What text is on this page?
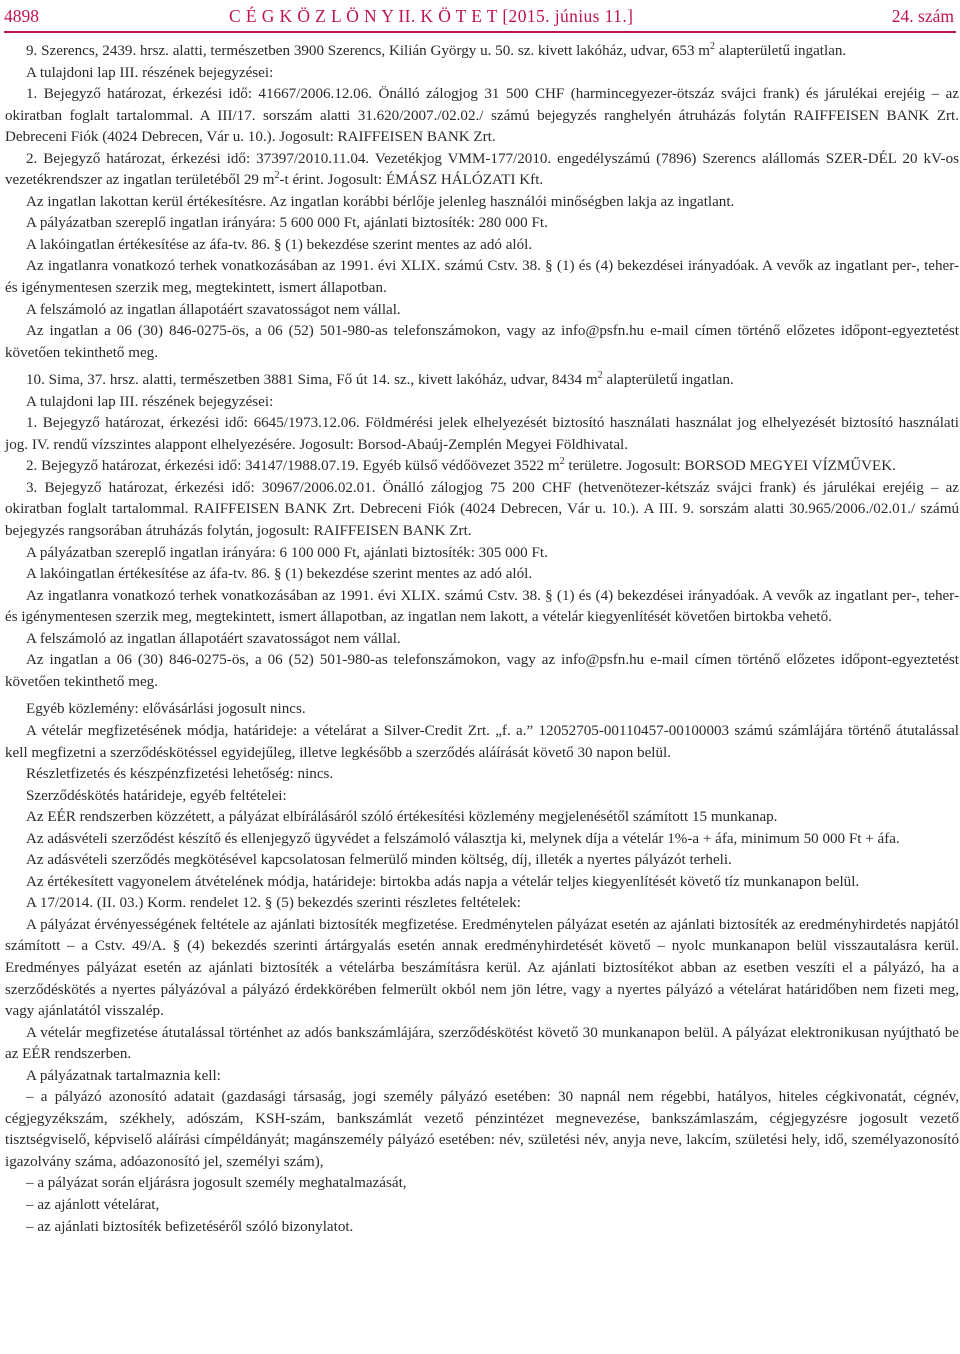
4898	C É G K Ö Z L Ö N Y II. K Ö T E T [2015. június 11.]	24. szám

9. Szerencs, 2439. hrsz. alatti, természetben 3900 Szerencs, Kilián György u. 50. sz. kivett lakóház, udvar, 653 $m^2$ alapterületű ingatlan.

A tulajdoni lap III. részének bejegyzései:

1. Bejegyző határozat, érkezési idő: 41667/2006.12.06. Önálló zálogjog 31 500 CHF (harmincegyezer-ötszáz svájci frank) és járulékai erejéig – az okiratban foglalt tartalommal. A III/17. sorszám alatti 31.620/2007./02.02./ számú bejegyzés ranghelyén átruházás folytán RAIFFEISEN BANK Zrt. Debreceni Fiók (4024 Debrecen, Vár u. 10.). Jogosult: RAIFFEISEN BANK Zrt.

2. Bejegyző határozat, érkezési idő: 37397/2010.11.04. Vezetékjog VMM-177/2010. engedélyszámú (7896) Szerencs alállomás SZER-DÉL 20 kV-os vezetékrendszer az ingatlan területéből 29 $m^2-t$ érint. Jogosult: ÉMÁSZ HÁLÓZATI Kft.

Az ingatlan lakottan kerül értékesítésre. Az ingatlan korábbi bérlője jelenleg használói minőségben lakja az ingatlant.

A pályázatban szereplő ingatlan irányára: 5 600 000 Ft, ajánlati biztosíték: 280 000 Ft.

A lakóingatlan értékesítése az áfa-tv. 86. § (1) bekezdése szerint mentes az adó alól.

Az ingatlanra vonatkozó terhek vonatkozásában az 1991. évi XLIX. számú Cstv. 38. § (1) és (4) bekezdései irányadóak. A vevők az ingatlant per-, teher- és igénymentesen szerzik meg, megtekintett, ismert állapotban.

A felszámoló az ingatlan állapotáért szavatosságot nem vállal.

Az ingatlan a 06 (30) 846-0275-ös, a 06 (52) 501-980-as telefonszámokon, vagy az info@psfn.hu e-mail címen történő előzetes időpont-egyeztetést követően tekinthető meg.

10. Sima, 37. hrsz. alatti, természetben 3881 Sima, Fő út 14. sz., kivett lakóház, udvar, 8434 $m^2$ alapterületű ingatlan.

A tulajdoni lap III. részének bejegyzései:

1. Bejegyző határozat, érkezési idő: 6645/1973.12.06. Földmérési jelek elhelyezését biztosító használati használat jog elhelyezését biztosító használati jog. IV. rendű vízszintes alappont elhelyezésére. Jogosult: Borsod-Abaúj-Zemplén Megyei Földhivatal.

2. Bejegyző határozat, érkezési idő: 34147/1988.07.19. Egyéb külső védőövezet 3522 $m^2$ területre. Jogosult: BORSOD MEGYEI VÍZMŰVEK.

3. Bejegyző határozat, érkezési idő: 30967/2006.02.01. Önálló zálogjog 75 200 CHF (hetvenötezer-kétszáz svájci frank) és járulékai erejéig – az okiratban foglalt tartalommal. RAIFFEISEN BANK Zrt. Debreceni Fiók (4024 Debrecen, Vár u. 10.). A III. 9. sorszám alatti 30.965/2006./02.01./ számú bejegyzés rangsorában átruházás folytán, jogosult: RAIFFEISEN BANK Zrt.

A pályázatban szereplő ingatlan irányára: 6 100 000 Ft, ajánlati biztosíték: 305 000 Ft.

A lakóingatlan értékesítése az áfa-tv. 86. § (1) bekezdése szerint mentes az adó alól.

Az ingatlanra vonatkozó terhek vonatkozásában az 1991. évi XLIX. számú Cstv. 38. § (1) és (4) bekezdései irányadóak. A vevők az ingatlant per-, teher- és igénymentesen szerzik meg, megtekintett, ismert állapotban, az ingatlan nem lakott, a vételár kiegyenlítését követően birtokba vehető.

A felszámoló az ingatlan állapotáért szavatosságot nem vállal.

Az ingatlan a 06 (30) 846-0275-ös, a 06 (52) 501-980-as telefonszámokon, vagy az info@psfn.hu e-mail címen történő előzetes időpont-egyeztetést követően tekinthető meg.

Egyéb közlemény: elővásárlási jogosult nincs.

A vételár megfizetésének módja, határideje: a vételárat a Silver-Credit Zrt. „f. a.” 12052705-00110457-00100003 számú számlájára történő átutalással kell megfizetni a szerződéskötéssel egyidejűleg, illetve legkésőbb a szerződés aláírását követő 30 napon belül.

Részletfizetés és készpénzfizetési lehetőség: nincs.

Szerződéskötés határideje, egyéb feltételei:

Az EÉR rendszerben közzétett, a pályázat elbírálásáról szóló értékesítési közlemény megjelenésétől számított 15 munkanap.

Az adásvételi szerződést készítő és ellenjegyző ügyvédet a felszámoló választja ki, melynek díja a vételár 1%-a + áfa, minimum 50 000 Ft + áfa.

Az adásvételi szerződés megkötésével kapcsolatosan felmerülő minden költség, díj, illeték a nyertes pályázót terheli.

Az értékesített vagyonelem átvételének módja, határideje: birtokba adás napja a vételár teljes kiegyenlítését követő tíz munkanapon belül.

A 17/2014. (II. 03.) Korm. rendelet 12. § (5) bekezdés szerinti részletes feltételek:

A pályázat érvényességének feltétele az ajánlati biztosíték megfizetése. Eredménytelen pályázat esetén az ajánlati biztosíték az eredményhirdetés napjától számított – a Cstv. 49/A. § (4) bekezdés szerinti ártárgyalás esetén annak eredményhirdetését követő – nyolc munkanapon belül visszautalásra kerül. Eredményes pályázat esetén az ajánlati biztosíték a vételárba beszámításra kerül. Az ajánlati biztosítékot abban az esetben veszíti el a pályázó, ha a szerződéskötés a nyertes pályázóval a pályázó érdekkörében felmerült okból nem jön létre, vagy a nyertes pályázó a vételárat határidőben nem fizeti meg, vagy ajánlatától visszalép.

A vételár megfizetése átutalással történhet az adós bankszámlájára, szerződéskötést követő 30 munkanapon belül. A pályázat elektronikusan nyújtható be az EÉR rendszerben.

A pályázatnak tartalmaznia kell:

– a pályázó azonosító adatait (gazdasági társaság, jogi személy pályázó esetében: 30 napnál nem régebbi, hatályos, hiteles cégkivonatát, cégnév, cégjegyzékszám, székhely, adószám, KSH-szám, bankszámlát vezető pénzintézet megnevezése, bankszámlaszám, cégjegyzésre jogosult vezető tisztségviselő, képviselő aláírási címpéldányát; magánszemély pályázó esetében: név, születési név, anyja neve, lakcím, születési hely, idő, személyazonosító igazolvány száma, adóazonosító jel, személyi szám),

– a pályázat során eljárásra jogosult személy meghatalmazását,

– az ajánlott vételárat,

– az ajánlati biztosíték befizetéséről szóló bizonylatot.
